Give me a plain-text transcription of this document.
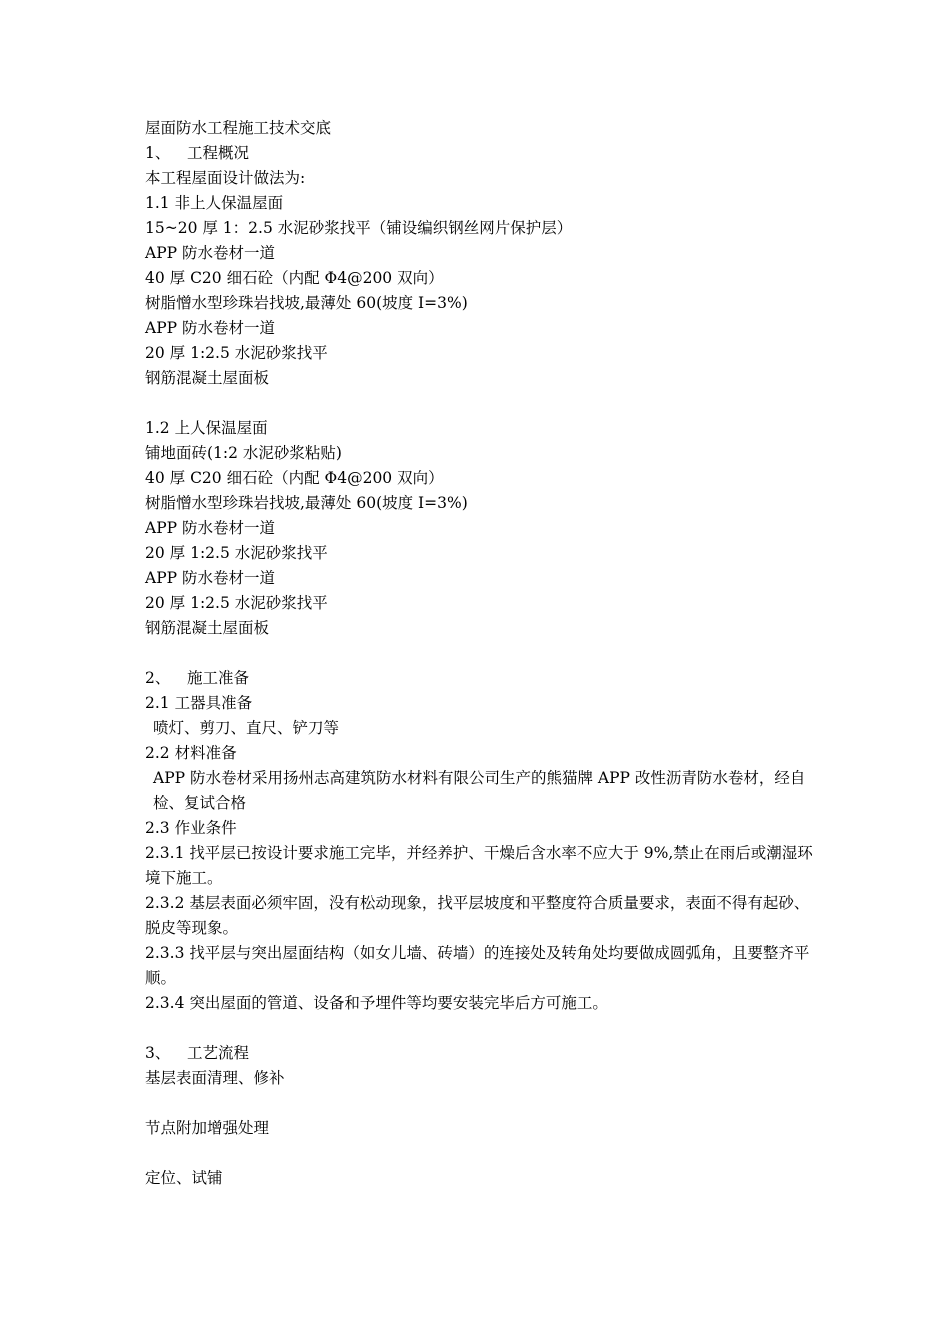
屋面防水工程施工技术交底
1、 工程概况
本工程屋面设计做法为:
1.1 非上人保温屋面
15~20 厚 1：2.5 水泥砂浆找平（铺设编织钢丝网片保护层）
APP 防水卷材一道
40 厚 C20 细石砼（内配 Φ4@200 双向）
树脂憎水型珍珠岩找坡,最薄处 60(坡度 I=3%)
APP 防水卷材一道
20 厚 1:2.5 水泥砂浆找平
钢筋混凝土屋面板
1.2 上人保温屋面
铺地面砖(1:2 水泥砂浆粘贴)
40 厚 C20 细石砼（内配 Φ4@200 双向）
树脂憎水型珍珠岩找坡,最薄处 60(坡度 I=3%)
APP 防水卷材一道
20 厚 1:2.5 水泥砂浆找平
APP 防水卷材一道
20 厚 1:2.5 水泥砂浆找平
钢筋混凝土屋面板
2、 施工准备
2.1 工器具准备
喷灯、剪刀、直尺、铲刀等
2.2 材料准备
APP 防水卷材采用扬州志高建筑防水材料有限公司生产的熊猫牌 APP 改性沥青防水卷材，经自检、复试合格
2.3 作业条件
2.3.1 找平层已按设计要求施工完毕，并经养护、干燥后含水率不应大于 9%,禁止在雨后或潮湿环境下施工。
2.3.2 基层表面必须牢固，没有松动现象，找平层坡度和平整度符合质量要求，表面不得有起砂、脱皮等现象。
2.3.3 找平层与突出屋面结构（如女儿墙、砖墙）的连接处及转角处均要做成圆弧角，且要整齐平顺。
2.3.4 突出屋面的管道、设备和予埋件等均要安装完毕后方可施工。
3、 工艺流程
基层表面清理、修补
节点附加增强处理
定位、试铺
